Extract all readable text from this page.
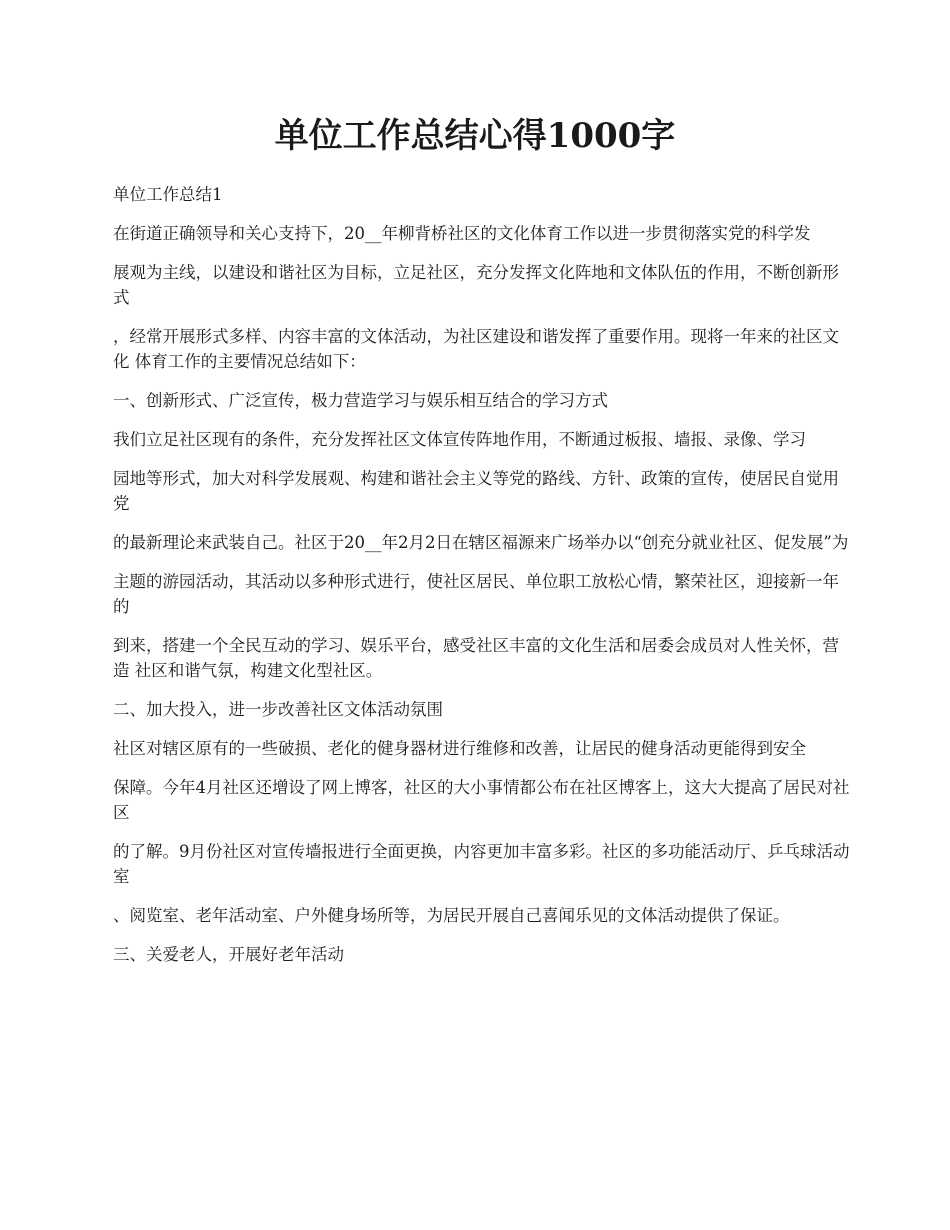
单位工作总结心得1000字

单位工作总结1

在街道正确领导和关心支持下，20__年柳背桥社区的文化体育工作以进一步贯彻落实党的科学发

展观为主线，以建设和谐社区为目标，立足社区，充分发挥文化阵地和文体队伍的作用，不断创新形式

，经常开展形式多样、内容丰富的文体活动，为社区建设和谐发挥了重要作用。现将一年来的社区文化 体育工作的主要情况总结如下：

一、创新形式、广泛宣传，极力营造学习与娱乐相互结合的学习方式

我们立足社区现有的条件，充分发挥社区文体宣传阵地作用，不断通过板报、墙报、录像、学习

园地等形式，加大对科学发展观、构建和谐社会主义等党的路线、方针、政策的宣传，使居民自觉用党

的最新理论来武装自己。社区于20__年2月2日在辖区福源来广场举办以“创充分就业社区、促发展”为

主题的游园活动，其活动以多种形式进行，使社区居民、单位职工放松心情，繁荣社区，迎接新一年的

到来，搭建一个全民互动的学习、娱乐平台，感受社区丰富的文化生活和居委会成员对人性关怀，营造 社区和谐气氛，构建文化型社区。

二、加大投入，进一步改善社区文体活动氛围

社区对辖区原有的一些破损、老化的健身器材进行维修和改善，让居民的健身活动更能得到安全

保障。今年4月社区还增设了网上博客，社区的大小事情都公布在社区博客上，这大大提高了居民对社区

的了解。9月份社区对宣传墙报进行全面更换，内容更加丰富多彩。社区的多功能活动厅、乒乓球活动室

、阅览室、老年活动室、户外健身场所等，为居民开展自己喜闻乐见的文体活动提供了保证。

三、关爱老人，开展好老年活动
